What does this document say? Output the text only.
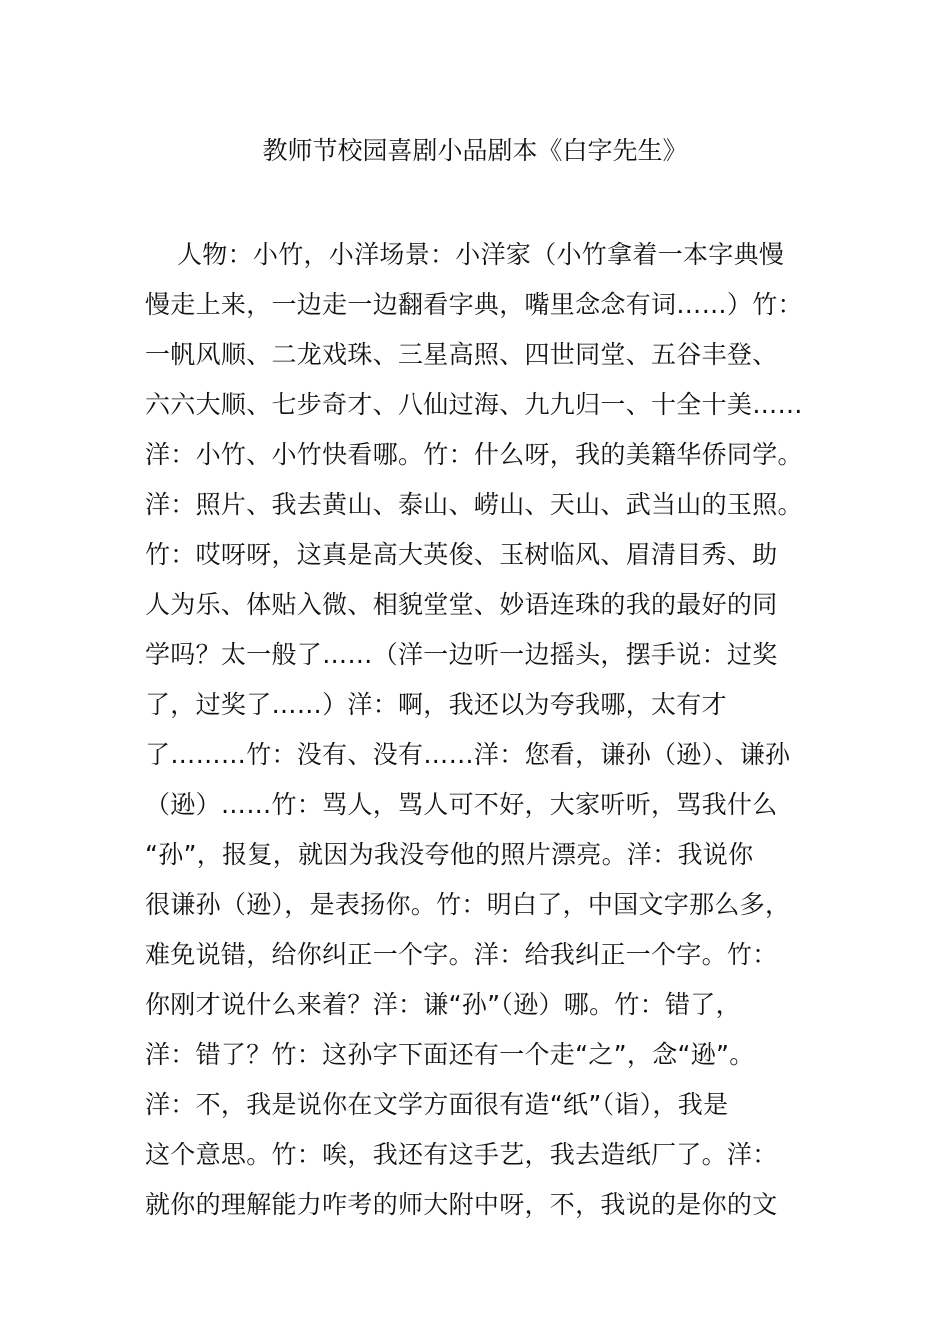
教师节校园喜剧小品剧本《白字先生》
人物：小竹，小洋场景：小洋家（小竹拿着一本字典慢
慢走上来，一边走一边翻看字典，嘴里念念有词……）竹：
一帆风顺、二龙戏珠、三星高照、四世同堂、五谷丰登、
六六大顺、七步奇才、八仙过海、九九归一、十全十美……
洋：小竹、小竹快看哪。竹：什么呀，我的美籍华侨同学。
洋：照片、我去黄山、泰山、崂山、天山、武当山的玉照。
竹：哎呀呀，这真是高大英俊、玉树临风、眉清目秀、助
人为乐、体贴入微、相貌堂堂、妙语连珠的我的最好的同
学吗？太一般了……（洋一边听一边摇头，摆手说：过奖
了，过奖了……）洋：啊，我还以为夸我哪，太有才
了………竹：没有、没有……洋：您看，谦孙（逊）、谦孙
（逊）……竹：骂人，骂人可不好，大家听听，骂我什么
“孙”，报复，就因为我没夸他的照片漂亮。洋：我说你
很谦孙（逊），是表扬你。竹：明白了，中国文字那么多，
难免说错，给你纠正一个字。洋：给我纠正一个字。竹：
你刚才说什么来着？洋：谦“孙”（逊）哪。竹：错了，
洋：错了？竹：这孙字下面还有一个走“之”，念“逊”。
洋：不，我是说你在文学方面很有造“纸”（诣），我是
这个意思。竹：唉，我还有这手艺，我去造纸厂了。洋：
就你的理解能力咋考的师大附中呀，不，我说的是你的文
